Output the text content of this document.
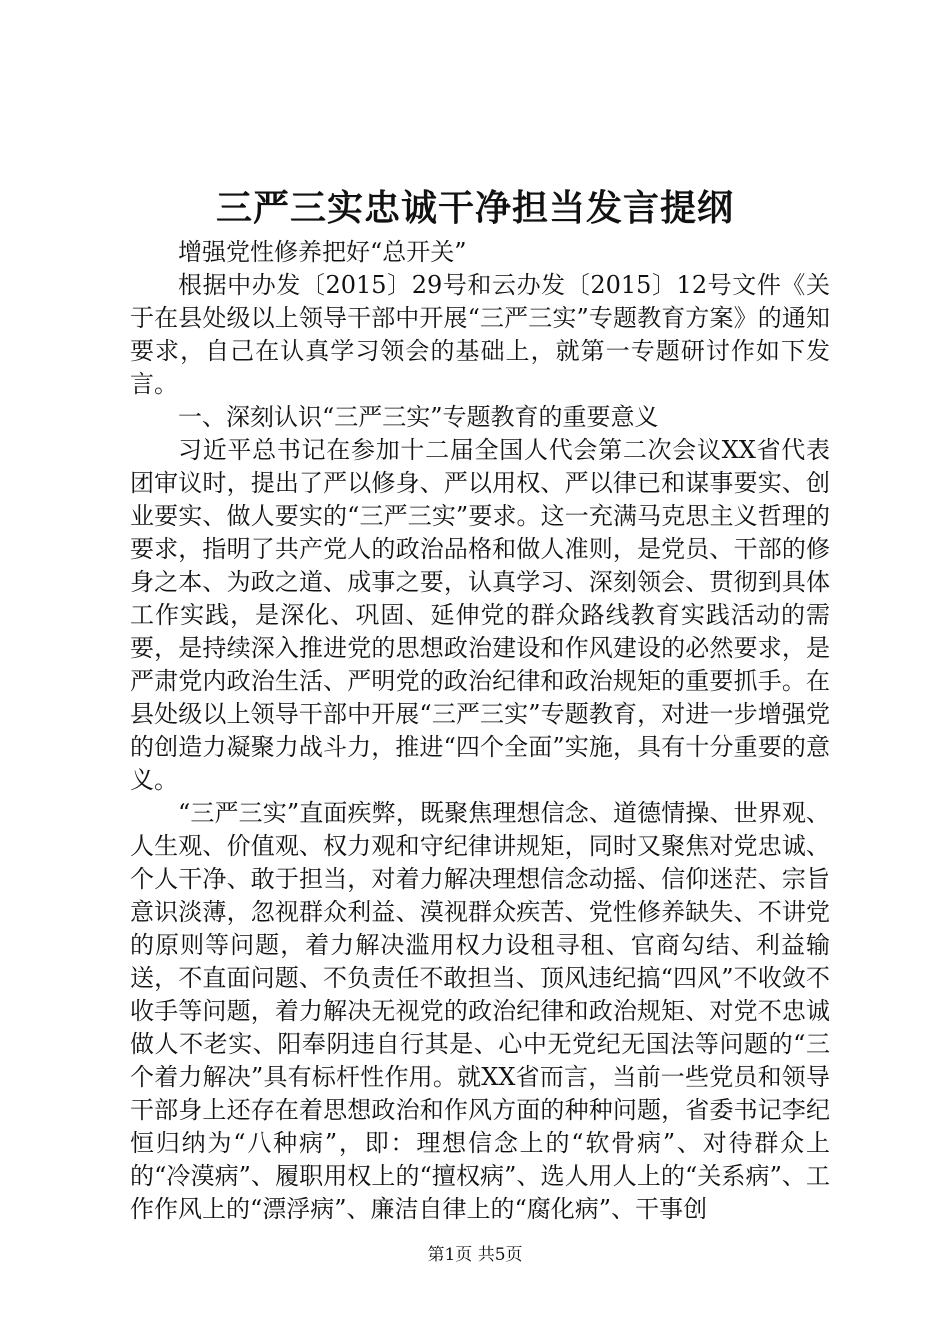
三严三实忠诚干净担当发言提纲

增强党性修养把好“总开关”

根据中办发〔2015〕29号和云办发〔2015〕12号文件《关于在县处级以上领导干部中开展“三严三实”专题教育方案》的通知要求，自己在认真学习领会的基础上，就第一专题研讨作如下发言。

一、深刻认识“三严三实”专题教育的重要意义

习近平总书记在参加十二届全国人代会第二次会议XX省代表团审议时，提出了严以修身、严以用权、严以律已和谋事要实、创业要实、做人要实的“三严三实”要求。这一充满马克思主义哲理的要求，指明了共产党人的政治品格和做人准则，是党员、干部的修身之本、为政之道、成事之要，认真学习、深刻领会、贯彻到具体工作实践，是深化、巩固、延伸党的群众路线教育实践活动的需要，是持续深入推进党的思想政治建设和作风建设的必然要求，是严肃党内政治生活、严明党的政治纪律和政治规矩的重要抓手。在县处级以上领导干部中开展“三严三实”专题教育，对进一步增强党的创造力凝聚力战斗力，推进“四个全面”实施，具有十分重要的意义。

“三严三实”直面疾弊，既聚焦理想信念、道德情操、世界观、人生观、价值观、权力观和守纪律讲规矩，同时又聚焦对党忠诚、个人干净、敢于担当，对着力解决理想信念动摇、信仰迷茫、宗旨意识淡薄，忽视群众利益、漠视群众疾苦、党性修养缺失、不讲党的原则等问题，着力解决滥用权力设租寻租、官商勾结、利益输送，不直面问题、不负责任不敢担当、顶风违纪搞“四风”不收敛不收手等问题，着力解决无视党的政治纪律和政治规矩、对党不忠诚做人不老实、阳奉阴违自行其是、心中无党纪无国法等问题的“三个着力解决”具有标杆性作用。就XX省而言，当前一些党员和领导干部身上还存在着思想政治和作风方面的种种问题，省委书记李纪恒归纳为“八种病”，即：理想信念上的“软骨病”、对待群众上的“冷漠病”、履职用权上的“擅权病”、选人用人上的“关系病”、工作作风上的“漂浮病”、廉洁自律上的“腐化病”、干事创

第1页 共5页
